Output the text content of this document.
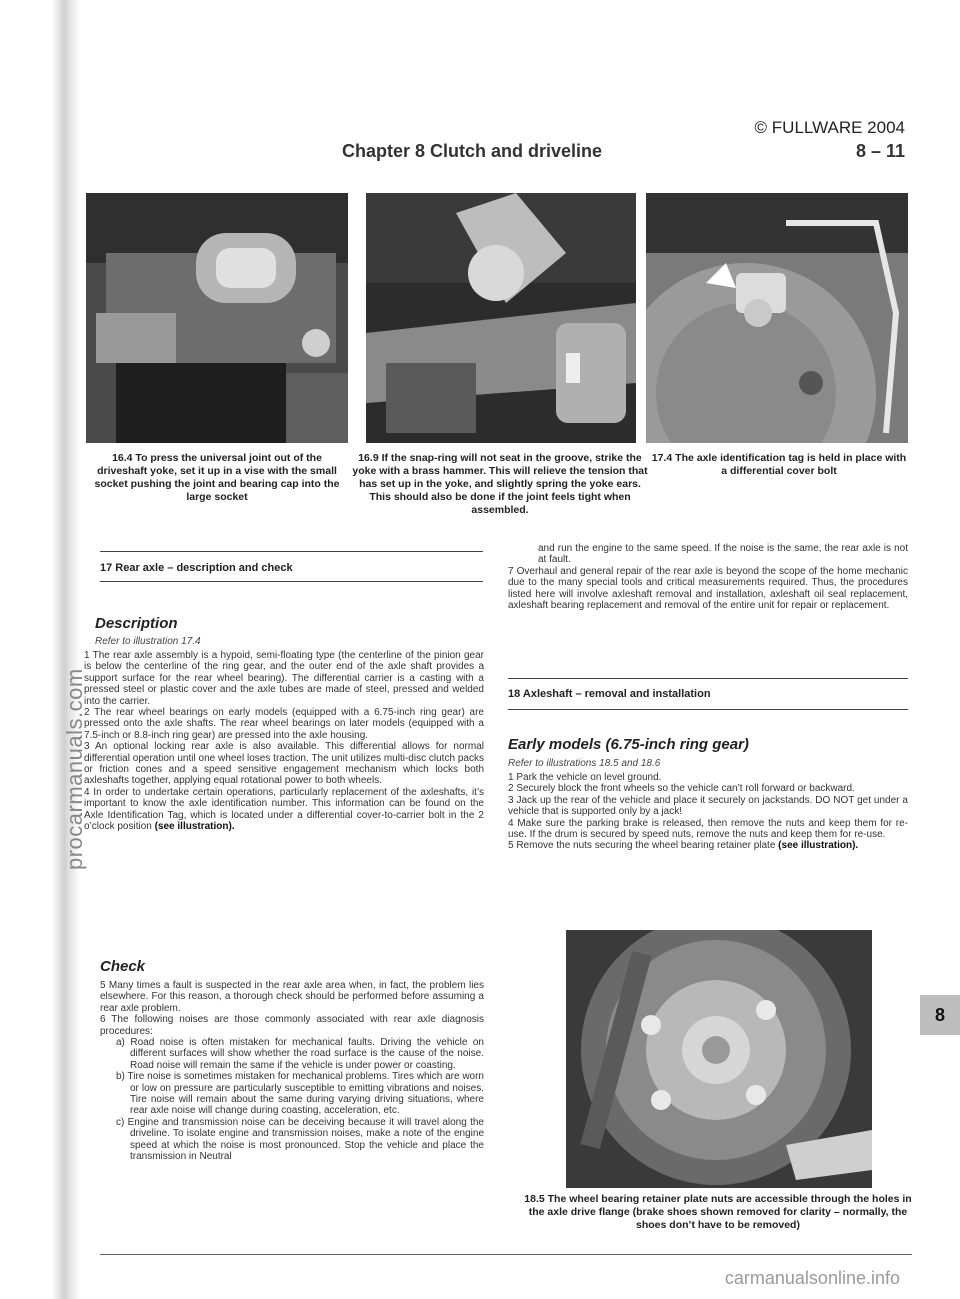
© FULLWARE 2004
Chapter 8 Clutch and driveline	8 – 11
16.4 To press the universal joint out of the driveshaft yoke, set it up in a vise with the small socket pushing the joint and bearing cap into the large socket
16.9 If the snap-ring will not seat in the groove, strike the yoke with a brass hammer. This will relieve the tension that has set up in the yoke, and slightly spring the yoke ears. This should also be done if the joint feels tight when assembled.
17.4 The axle identification tag is held in place with a differential cover bolt
17 Rear axle – description and check
Description
Refer to illustration 17.4

1 The rear axle assembly is a hypoid, semi-floating type (the centerline of the pinion gear is below the centerline of the ring gear, and the outer end of the axle shaft provides a support surface for the rear wheel bearing). The differential carrier is a casting with a pressed steel or plastic cover and the axle tubes are made of steel, pressed and welded into the carrier.

2 The rear wheel bearings on early models (equipped with a 6.75-inch ring gear) are pressed onto the axle shafts. The rear wheel bearings on later models (equipped with a 7.5-inch or 8.8-inch ring gear) are pressed into the axle housing.

3 An optional locking rear axle is also available. This differential allows for normal differential operation until one wheel loses traction. The unit utilizes multi-disc clutch packs or friction cones and a speed sensitive engagement mechanism which locks both axleshafts together, applying equal rotational power to both wheels.

4 In order to undertake certain operations, particularly replacement of the axleshafts, it’s important to know the axle identification number. This information can be found on the Axle Identification Tag, which is located under a differential cover-to-carrier bolt in the 2 o’clock position (see illustration).

Check

5 Many times a fault is suspected in the rear axle area when, in fact, the problem lies elsewhere. For this reason, a thorough check should be performed before assuming a rear axle problem.

6 The following noises are those commonly associated with rear axle diagnosis procedures:

a) Road noise is often mistaken for mechanical faults. Driving the vehicle on different surfaces will show whether the road surface is the cause of the noise. Road noise will remain the same if the vehicle is under power or coasting.

b) Tire noise is sometimes mistaken for mechanical problems. Tires which are worn or low on pressure are particularly susceptible to emitting vibrations and noises. Tire noise will remain about the same during varying driving situations, where rear axle noise will change during coasting, acceleration, etc.

c) Engine and transmission noise can be deceiving because it will travel along the driveline. To isolate engine and transmission noises, make a note of the engine speed at which the noise is most pronounced. Stop the vehicle and place the transmission in Neutral

and run the engine to the same speed. If the noise is the same, the rear axle is not at fault.

7 Overhaul and general repair of the rear axle is beyond the scope of the home mechanic due to the many special tools and critical measurements required. Thus, the procedures listed here will involve axleshaft removal and installation, axleshaft oil seal replacement, axleshaft bearing replacement and removal of the entire unit for repair or replacement.

18 Axleshaft – removal and installation
Early models (6.75-inch ring gear)
Refer to illustrations 18.5 and 18.6

1 Park the vehicle on level ground.

2 Securely block the front wheels so the vehicle can’t roll forward or backward.

3 Jack up the rear of the vehicle and place it securely on jackstands. DO NOT get under a vehicle that is supported only by a jack!

4 Make sure the parking brake is released, then remove the nuts and keep them for re-use. If the drum is secured by speed nuts, remove the nuts and keep them for re-use.

5 Remove the nuts securing the wheel bearing retainer plate (see illustration).

18.5 The wheel bearing retainer plate nuts are accessible through the holes in the axle drive flange (brake shoes shown removed for clarity – normally, the shoes don’t have to be removed)
8
procarmanuals.com
carmanualsonline.info
